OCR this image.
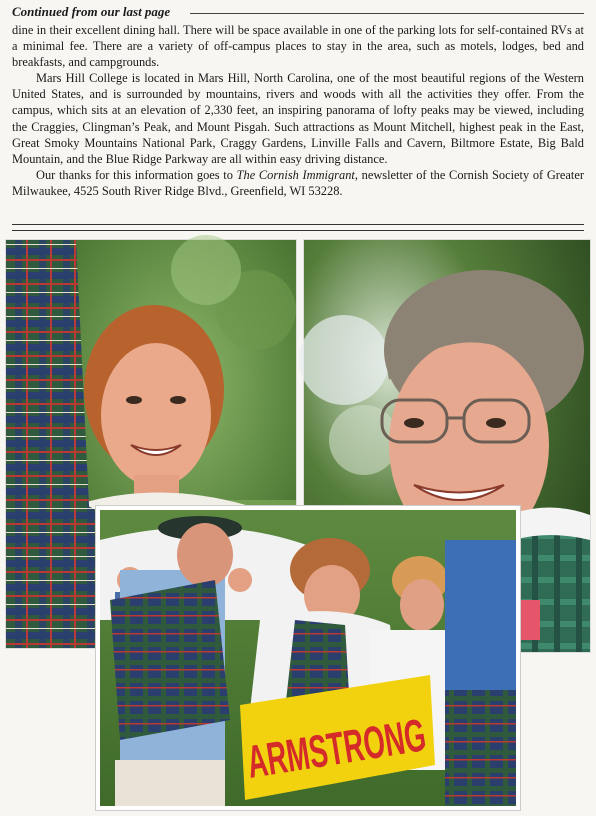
Continued from our last page

dine in their excellent dining hall. There will be space available in one of the parking lots for self-contained RVs at a minimal fee. There are a variety of off-campus places to stay in the area, such as motels, lodges, bed and breakfasts, and campgrounds.

Mars Hill College is located in Mars Hill, North Carolina, one of the most beautiful regions of the Western United States, and is surrounded by mountains, rivers and woods with all the activities they offer. From the campus, which sits at an elevation of 2,330 feet, an inspiring panorama of lofty peaks may be viewed, including the Craggies, Clingman’s Peak, and Mount Pisgah. Such attractions as Mount Mitchell, highest peak in the East, Great Smoky Mountains National Park, Craggy Gardens, Linville Falls and Cavern, Biltmore Estate, Big Bald Mountain, and the Blue Ridge Parkway are all within easy driving distance.

Our thanks for this information goes to The Cornish Immigrant, newsletter of the Cornish Society of Greater Milwaukee, 4525 South River Ridge Blvd., Greenfield, WI 53228.

ARMSTRONG
